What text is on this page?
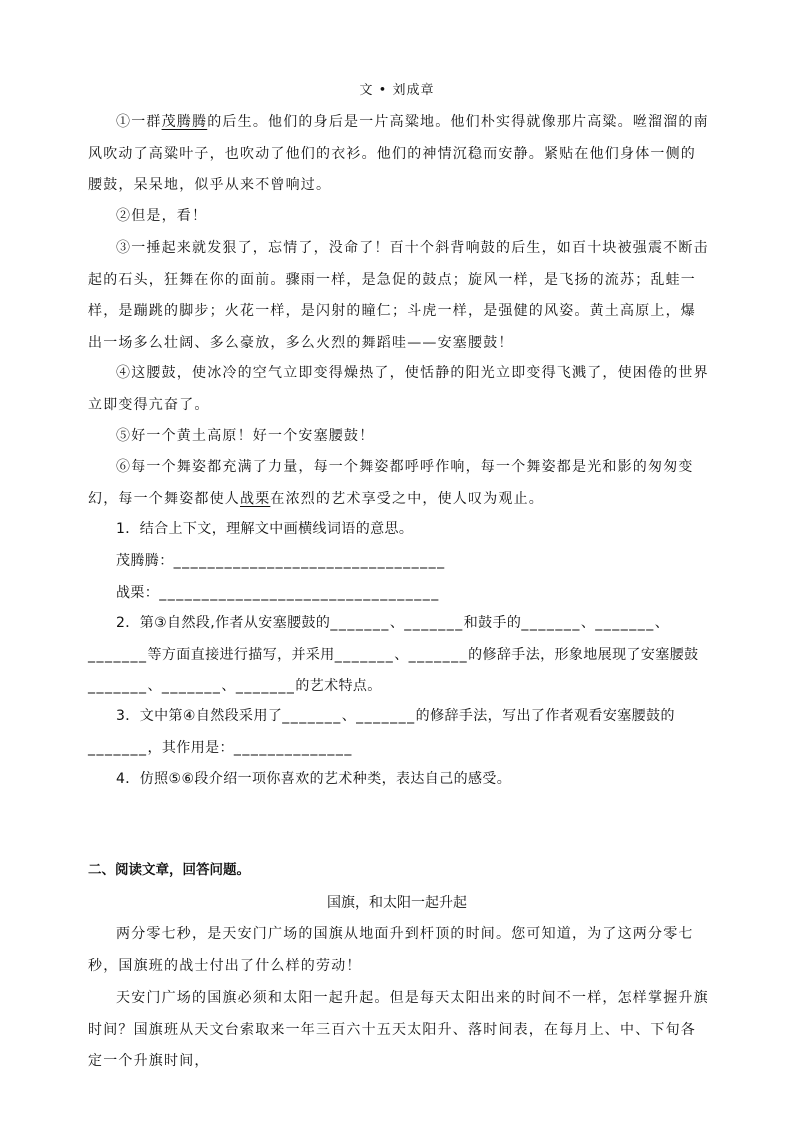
文 • 刘成章

①一群茂腾腾的后生。他们的身后是一片高粱地。他们朴实得就像那片高粱。咝溜溜的南风吹动了高粱叶子，也吹动了他们的衣衫。他们的神情沉稳而安静。紧贴在他们身体一侧的腰鼓，呆呆地，似乎从来不曾响过。

②但是，看！

③一捶起来就发狠了，忘情了，没命了！百十个斜背响鼓的后生，如百十块被强震不断击起的石头，狂舞在你的面前。骤雨一样，是急促的鼓点；旋风一样，是飞扬的流苏；乱蛙一样，是蹦跳的脚步；火花一样，是闪射的瞳仁；斗虎一样，是强健的风姿。黄土高原上，爆出一场多么壮阔、多么豪放，多么火烈的舞蹈哇——安塞腰鼓！

④这腰鼓，使冰冷的空气立即变得燥热了，使恬静的阳光立即变得飞溅了，使困倦的世界立即变得亢奋了。

⑤好一个黄土高原！好一个安塞腰鼓！

⑥每一个舞姿都充满了力量，每一个舞姿都呼呼作响，每一个舞姿都是光和影的匆匆变幻，每一个舞姿都使人战栗在浓烈的艺术享受之中，使人叹为观止。

1．结合上下文，理解文中画横线词语的意思。

茂腾腾：________________________________

战栗：_________________________________

2．第③自然段,作者从安塞腰鼓的_______、_______和鼓手的_______、_______、_______等方面直接进行描写，并采用_______、_______的修辞手法，形象地展现了安塞腰鼓_______、_______、_______的艺术特点。

3．文中第④自然段采用了_______、_______的修辞手法，写出了作者观看安塞腰鼓的_______，其作用是：______________

4．仿照⑤⑥段介绍一项你喜欢的艺术种类，表达自己的感受。

二、阅读文章，回答问题。
国旗，和太阳一起升起

两分零七秒，是天安门广场的国旗从地面升到杆顶的时间。您可知道，为了这两分零七秒，国旗班的战士付出了什么样的劳动！

天安门广场的国旗必须和太阳一起升起。但是每天太阳出来的时间不一样，怎样掌握升旗时间？国旗班从天文台索取来一年三百六十五天太阳升、落时间表，在每月上、中、下旬各定一个升旗时间，
